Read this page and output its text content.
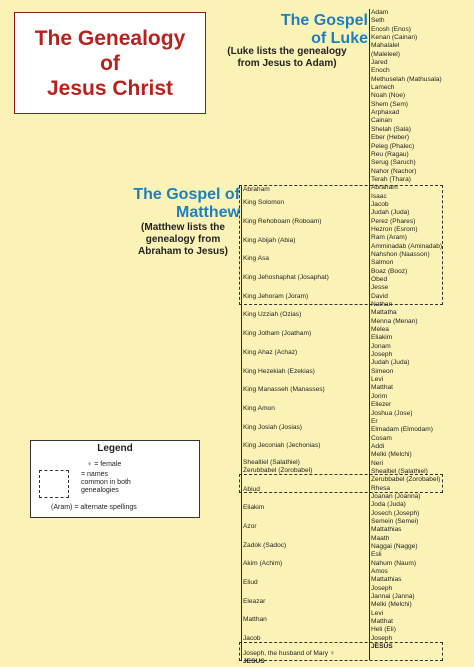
The Genealogy
of
Jesus Christ
The Gospel
of Luke
(Luke lists the genealogy
from Jesus to Adam)
The Gospel of
Matthew
(Matthew lists the
genealogy from
Abraham to Jesus)
Adam
Seth
Enosh (Enos)
Kenan (Cainan)
Mahalalel
(Maleleel)
Jared
Enoch
Methuselah (Mathusala)
Lamech
Noah (Noe)
Shem (Sem)
Arphaxad
Cainan
Shelah (Sala)
Eber (Heber)
Peleg (Phalec)
Reu (Ragau)
Serug (Saruch)
Nahor (Nachor)
Terah (Thara)
Abraham
Isaac
Jacob
Judah (Juda)
Perez (Phares)
Hezron (Esrom)
Ram (Aram)
Amminadab (Aminadab)
Nahshon (Naasson)
Salmon
Boaz (Booz)
Obed
Jesse
David
Nathan
Mattatha
Menna (Menan)
Melea
Eliakim
Jonam
Joseph
Judah (Juda)
Simeon
Levi
Matthat
Jorim
Eliezer
Joshua (Jose)
Er
Elmadam (Elmodam)
Cosam
Addi
Melki (Melchi)
Neri
Shealtiel (Salathiel)
Zerubbabel (Zorobabel)
Rhesa
Joanan (Joanna)
Joda (Juda)
Josech (Joseph)
Semein (Semei)
Mattathias
Maath
Naggai (Nagge)
Esli
Nahum (Naum)
Amos
Mattathias
Joseph
Jannai (Janna)
Melki (Melchi)
Levi
Matthat
Heli (Eli)
Joseph
JESUS
Abraham
King Solomon
King Rehoboam (Roboam)
King Abijah (Abia)
King Asa
King Jehoshaphat (Josaphat)
King Jehoram (Joram)
King Uzziah (Ozias)
King Jotham (Joatham)
King Ahaz (Achaz)
King Hezekiah (Ezekias)
King Manasseh (Manasses)
King Amon
King Josiah (Josias)
King Jeconiah (Jechonias)
Shealtiel (Salathiel)
Zerubbabel (Zorobabel)
Abiud
Eliakim
Azor
Zadok (Sadoc)
Akim (Achim)
Eliud
Eleazar
Matthan
Jacob
Joseph, the husband of Mary ♀
JESUS
Legend
♀ = female
= names
common in both
genealogies
(Aram) = alternate spellings
